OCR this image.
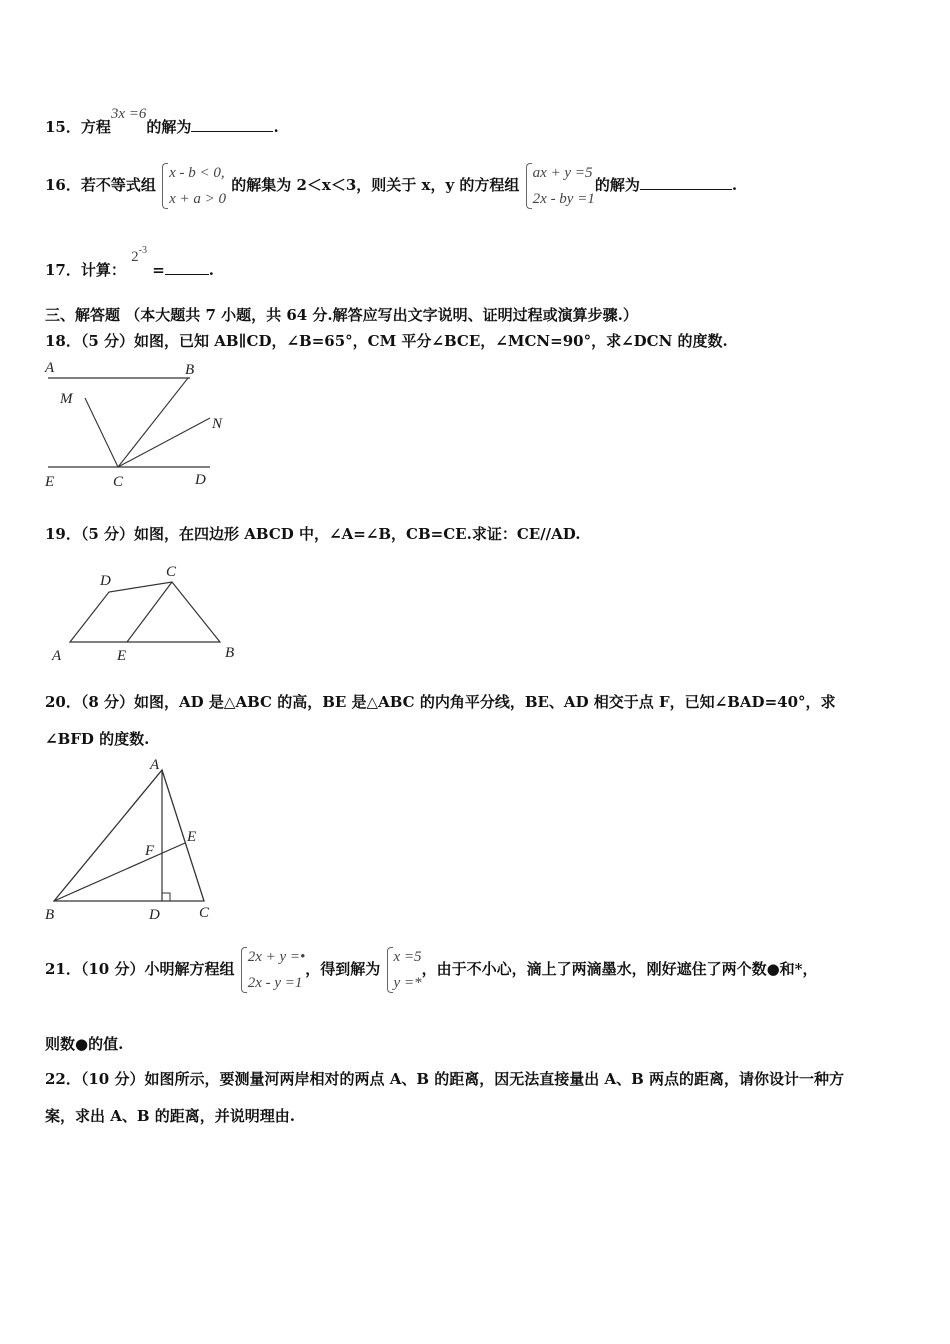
15．方程3x =6的解为	.
16．若不等式组
x - b < 0,
x + a > 0
的解集为 2＜x＜3，则关于 x，y 的方程组
ax + y =5
2x - by =1
的解为	.
17．计算： $2^{-3}$ =	.
三、解答题 （本大题共 7 小题，共 64 分.解答应写出文字说明、证明过程或演算步骤.）
18．（5 分）如图，已知 AB∥CD，∠B=65°，CM 平分∠BCE，∠MCN=90°，求∠DCN 的度数.
A	B
M
N
E	C	D
19．（5 分）如图，在四边形 ABCD 中，∠A=∠B，CB=CE.求证：CE//AD.
D
C
A	E	B
20．（8 分）如图，AD 是△ABC 的高，BE 是△ABC 的内角平分线，BE、AD 相交于点 F，已知∠BAD=40°，求
∠BFD 的度数.
A
E
F
B	D	C
21．（10 分）小明解方程组
2x + y =•
2x - y =1
，得到解为
x =5
y =*
，由于不小心，滴上了两滴墨水，刚好遮住了两个数●和*，
则数●的值.
22．（10 分）如图所示，要测量河两岸相对的两点 A、B 的距离，因无法直接量出 A、B 两点的距离，请你设计一种方
案，求出 A、B 的距离，并说明理由.
